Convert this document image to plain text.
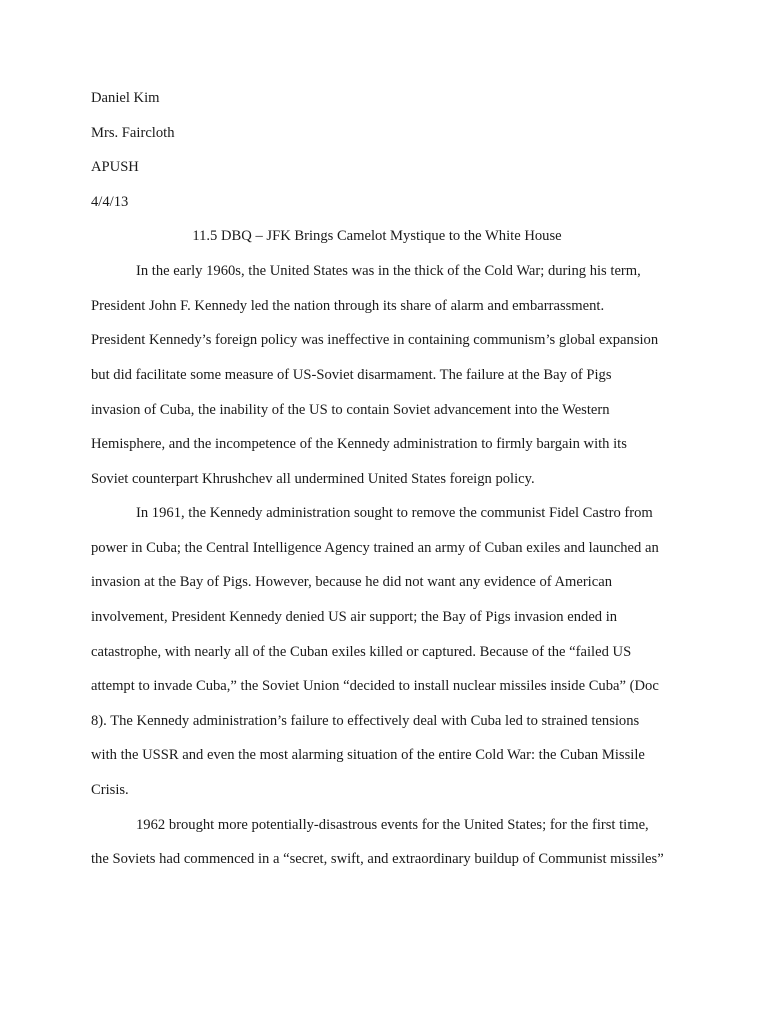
Daniel Kim
Mrs. Faircloth
APUSH
4/4/13
11.5 DBQ – JFK Brings Camelot Mystique to the White House
In the early 1960s, the United States was in the thick of the Cold War; during his term,
President John F. Kennedy led the nation through its share of alarm and embarrassment.
President Kennedy’s foreign policy was ineffective in containing communism’s global expansion
but did facilitate some measure of US-Soviet disarmament. The failure at the Bay of Pigs
invasion of Cuba, the inability of the US to contain Soviet advancement into the Western
Hemisphere, and the incompetence of the Kennedy administration to firmly bargain with its
Soviet counterpart Khrushchev all undermined United States foreign policy.
In 1961, the Kennedy administration sought to remove the communist Fidel Castro from
power in Cuba; the Central Intelligence Agency trained an army of Cuban exiles and launched an
invasion at the Bay of Pigs. However, because he did not want any evidence of American
involvement, President Kennedy denied US air support; the Bay of Pigs invasion ended in
catastrophe, with nearly all of the Cuban exiles killed or captured. Because of the “failed US
attempt to invade Cuba,” the Soviet Union “decided to install nuclear missiles inside Cuba” (Doc
8). The Kennedy administration’s failure to effectively deal with Cuba led to strained tensions
with the USSR and even the most alarming situation of the entire Cold War: the Cuban Missile
Crisis.
1962 brought more potentially-disastrous events for the United States; for the first time,
the Soviets had commenced in a “secret, swift, and extraordinary buildup of Communist missiles”
